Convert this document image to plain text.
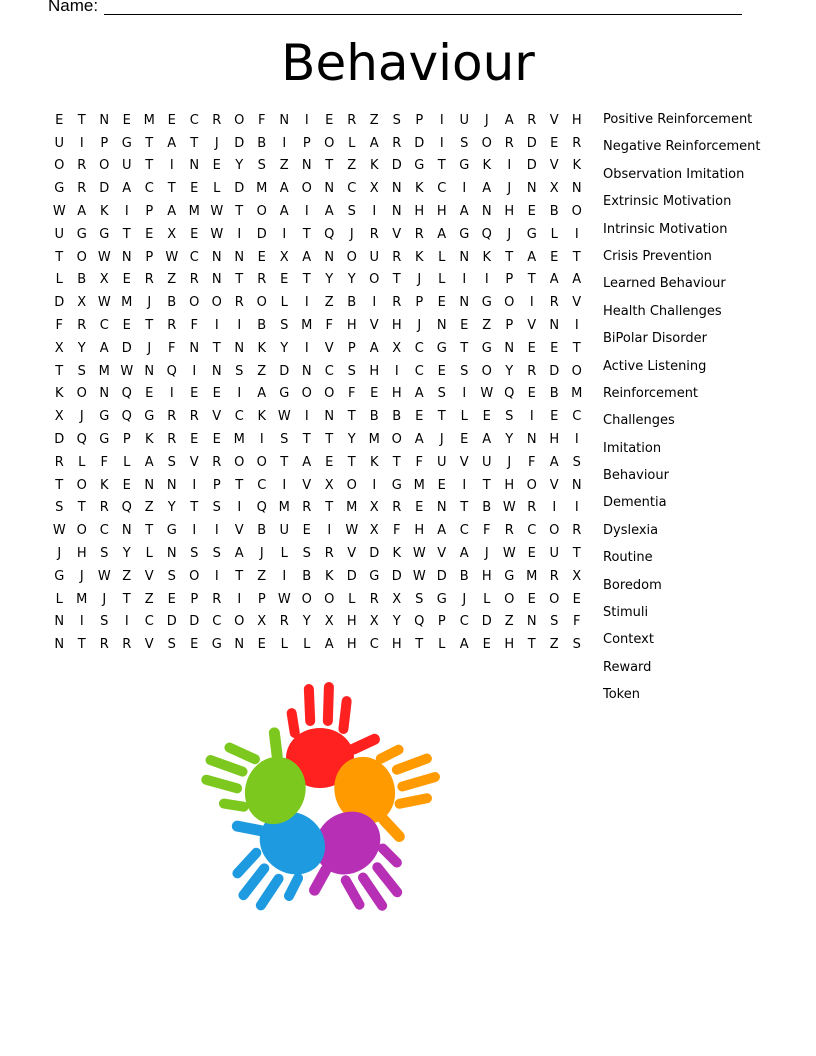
Name:
Behaviour
E	T	N	E M E	C	R O	F	N	I	E	R	Z	S	P	I	U	J	A	R	V	H
U	I	P	G	T	A	T	J	D	B	I	P	O	L	A	R D	I	S	O R D	E	R
O R O U	T	I	N	E	Y	S	Z	N	T	Z	K	D G	T	G	K	I	D	V	K
G R D	A	C	T	E	L	D M A O N	C	X	N	K	C	I	A	J	N	X	N
W A	K	I	P	A M W T	O A	I	A	S	I	N H H	A	N H	E	B O
U G G	T	E	X	E W	I	D	I	T	Q	J	R	V	R	A	G Q	J	G	L	I
T	O W N	P W C	N N	E	X	A	N O U	R	K	L	N	K	T	A	E	T
L	B	X	E	R	Z	R	N	T	R	E	T	Y	Y	O	T	J	L	I	I	P	T	A	A
D	X W M	J	B O O R O	L	I	Z	B	I	R	P	E	N G O	I	R	V
F	R	C	E	T	R	F	I	I	B	S M	F	H	V	H	J	N	E	Z	P	V	N	I
X	Y	A	D	J	F	N	T	N	K	Y	I	V	P	A	X	C G	T	G N	E	E	T
T	S M W N Q	I	N	S	Z	D N	C	S	H	I	C	E	S	O	Y	R D O
K	O N Q	E	I	E	E	I	A	G O O	F	E	H	A	S	I	W Q	E	B M
X	J	G Q G R	R	V	C	K W	I	N	T	B	B	E	T	L	E	S	I	E	C
D Q G	P	K	R	E	E M	I	S	T	T	Y M O A	J	E	A	Y	N H	I
R	L	F	L	A	S	V	R O O	T	A	E	T	K	T	F	U	V	U	J	F	A	S
T	O	K	E	N N	I	P	T	C	I	V	X O	I	G M E	I	T	H O V	N
S	T	R Q Z	Y	T	S	I	Q M R	T M X	R	E	N	T	B W R	I	I
W O C	N	T	G	I	I	V	B	U	E	I	W X	F	H	A	C	F	R	C O R
J	H	S	Y	L	N	S	S	A	J	L	S	R	V	D	K W V	A	J	W E	U	T
G	J	W Z	V	S	O	I	T	Z	I	B	K	D G D W D	B	H G M R	X
L	M	J	T	Z	E	P	R	I	P W O O	L	R	X	S	G	J	L	O	E	O	E
N	I	S	I	C D D C O X	R	Y	X	H	X	Y	Q	P	C D	Z	N	S	F
N	T	R	R	V	S	E	G N	E	L	L	A	H	C	H	T	L	A	E	H	T	Z	S
Positive Reinforcement
Negative Reinforcement
Observation Imitation
Extrinsic Motivation
Intrinsic Motivation
Crisis Prevention
Learned Behaviour
Health Challenges
BiPolar Disorder
Active Listening
Reinforcement
Challenges
Imitation
Behaviour
Dementia
Dyslexia
Routine
Boredom
Stimuli
Context
Reward
Token
